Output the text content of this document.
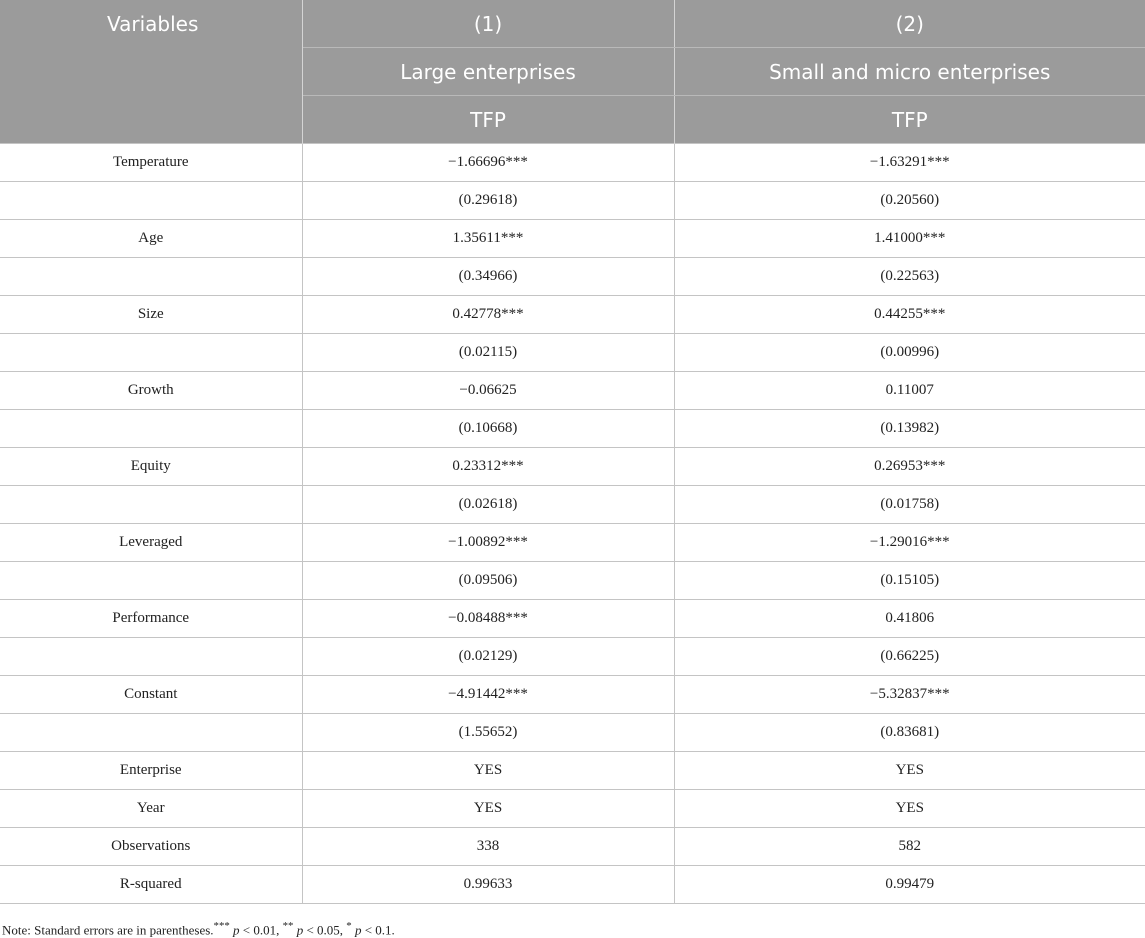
Variables	(1)	(2)
	Large enterprises	Small and micro enterprises
	TFP	TFP
Temperature	−1.66696***	−1.63291***
	(0.29618)	(0.20560)
Age	1.35611***	1.41000***
	(0.34966)	(0.22563)
Size	0.42778***	0.44255***
	(0.02115)	(0.00996)
Growth	−0.06625	0.11007
	(0.10668)	(0.13982)
Equity	0.23312***	0.26953***
	(0.02618)	(0.01758)
Leveraged	−1.00892***	−1.29016***
	(0.09506)	(0.15105)
Performance	−0.08488***	0.41806
	(0.02129)	(0.66225)
Constant	−4.91442***	−5.32837***
	(1.55652)	(0.83681)
Enterprise	YES	YES
Year	YES	YES
Observations	338	582
R-squared	0.99633	0.99479
Note: Standard errors are in parentheses.*** p < 0.01, ** p < 0.05, * p < 0.1.
